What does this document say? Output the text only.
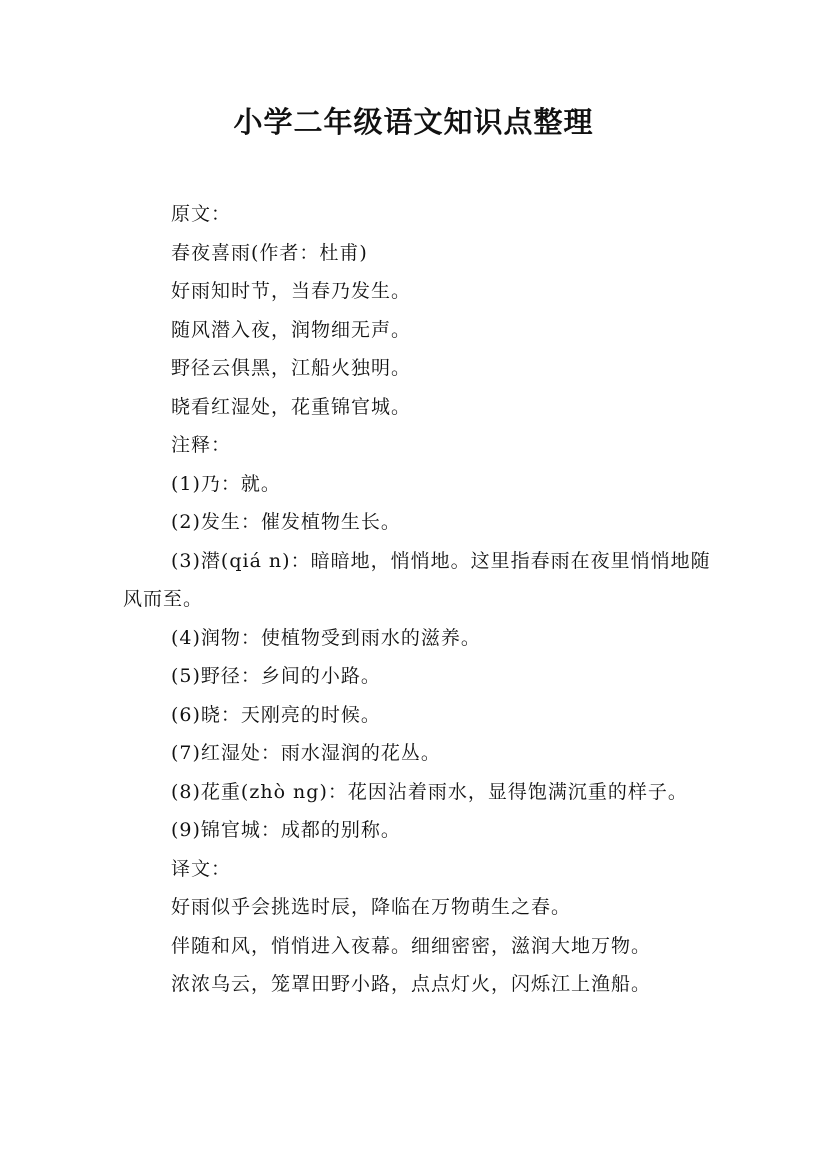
小学二年级语文知识点整理

原文：

春夜喜雨(作者：杜甫)

好雨知时节，当春乃发生。

随风潜入夜，润物细无声。

野径云俱黑，江船火独明。

晓看红湿处，花重锦官城。

注释：

(1)乃：就。

(2)发生：催发植物生长。

(3)潜(qiá n)：暗暗地，悄悄地。这里指春雨在夜里悄悄地随风而至。

(4)润物：使植物受到雨水的滋养。

(5)野径：乡间的小路。

(6)晓：天刚亮的时候。

(7)红湿处：雨水湿润的花丛。

(8)花重(zhò ng)：花因沾着雨水，显得饱满沉重的样子。

(9)锦官城：成都的别称。

译文：

好雨似乎会挑选时辰，降临在万物萌生之春。

伴随和风，悄悄进入夜幕。细细密密，滋润大地万物。

浓浓乌云，笼罩田野小路，点点灯火，闪烁江上渔船。
